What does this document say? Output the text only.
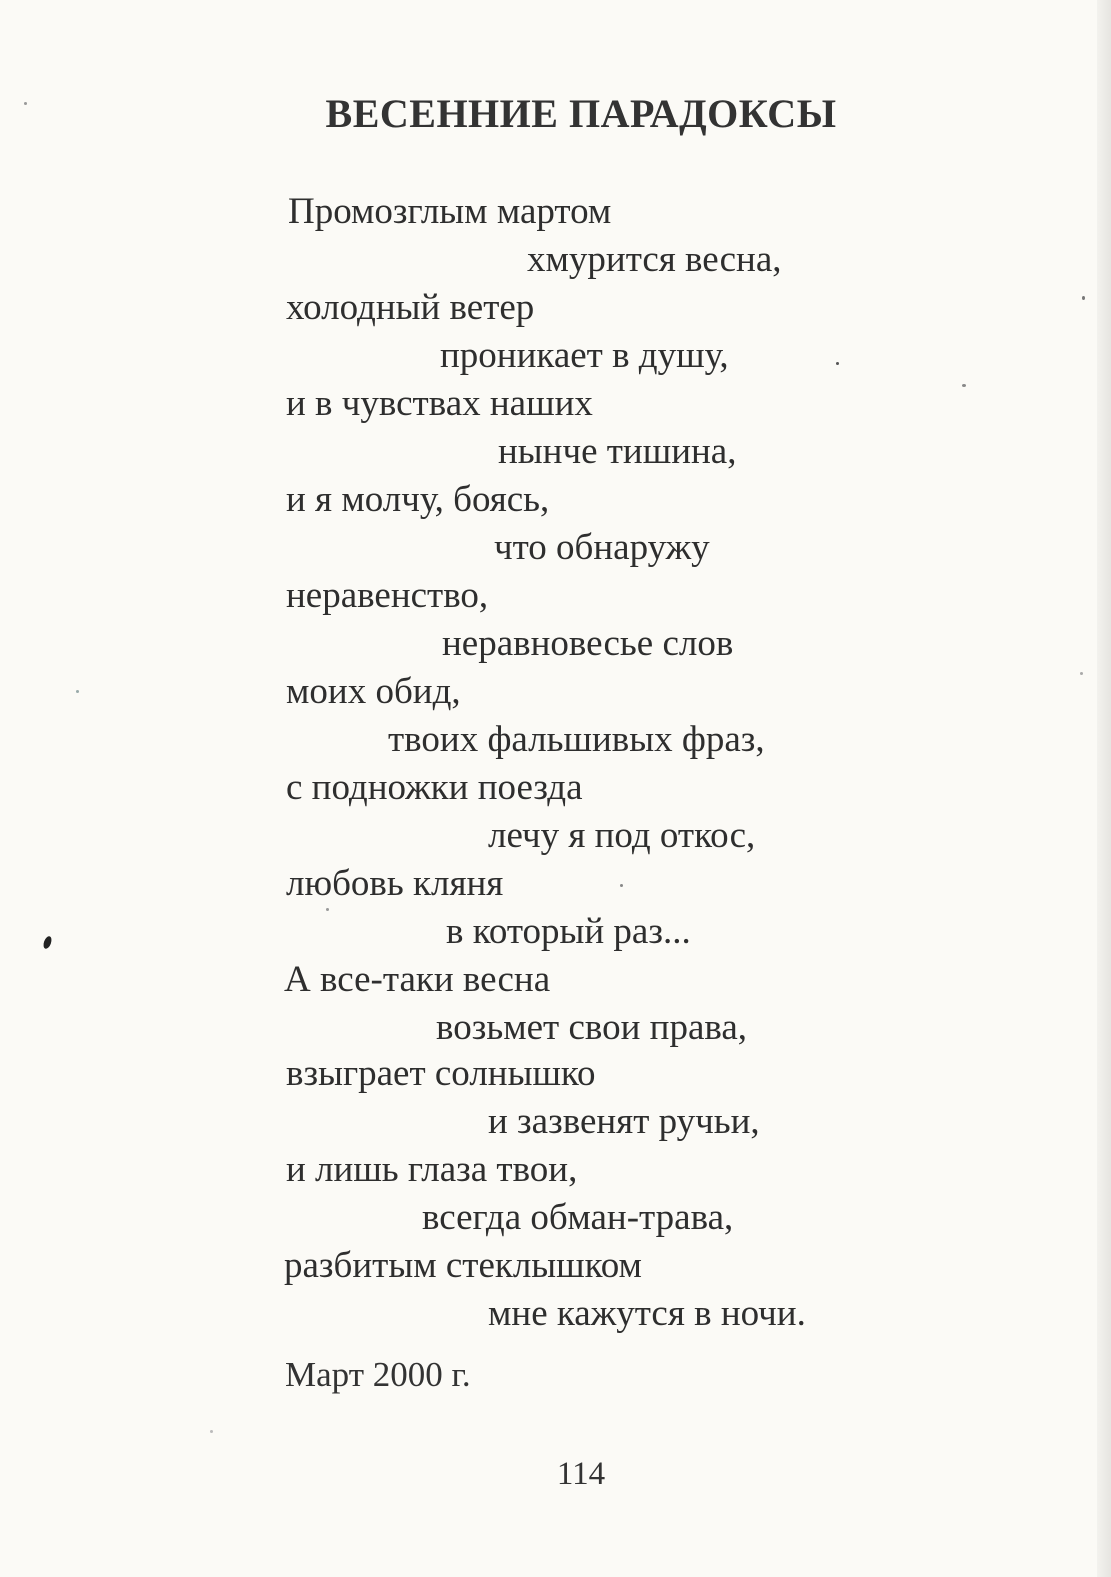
ВЕСЕННИЕ ПАРАДОКСЫ
Промозглым мартом
хмурится весна,
холодный ветер
проникает в душу,
и в чувствах наших
нынче тишина,
и я молчу, боясь,
что обнаружу
неравенство,
неравновесье слов
моих обид,
твоих фальшивых фраз,
с подножки поезда
лечу я под откос,
любовь кляня
в который раз...
А все-таки весна
возьмет свои права,
взыграет солнышко
и зазвенят ручьи,
и лишь глаза твои,
всегда обман-трава,
разбитым стеклышком
мне кажутся в ночи.
Март 2000 г.
114
